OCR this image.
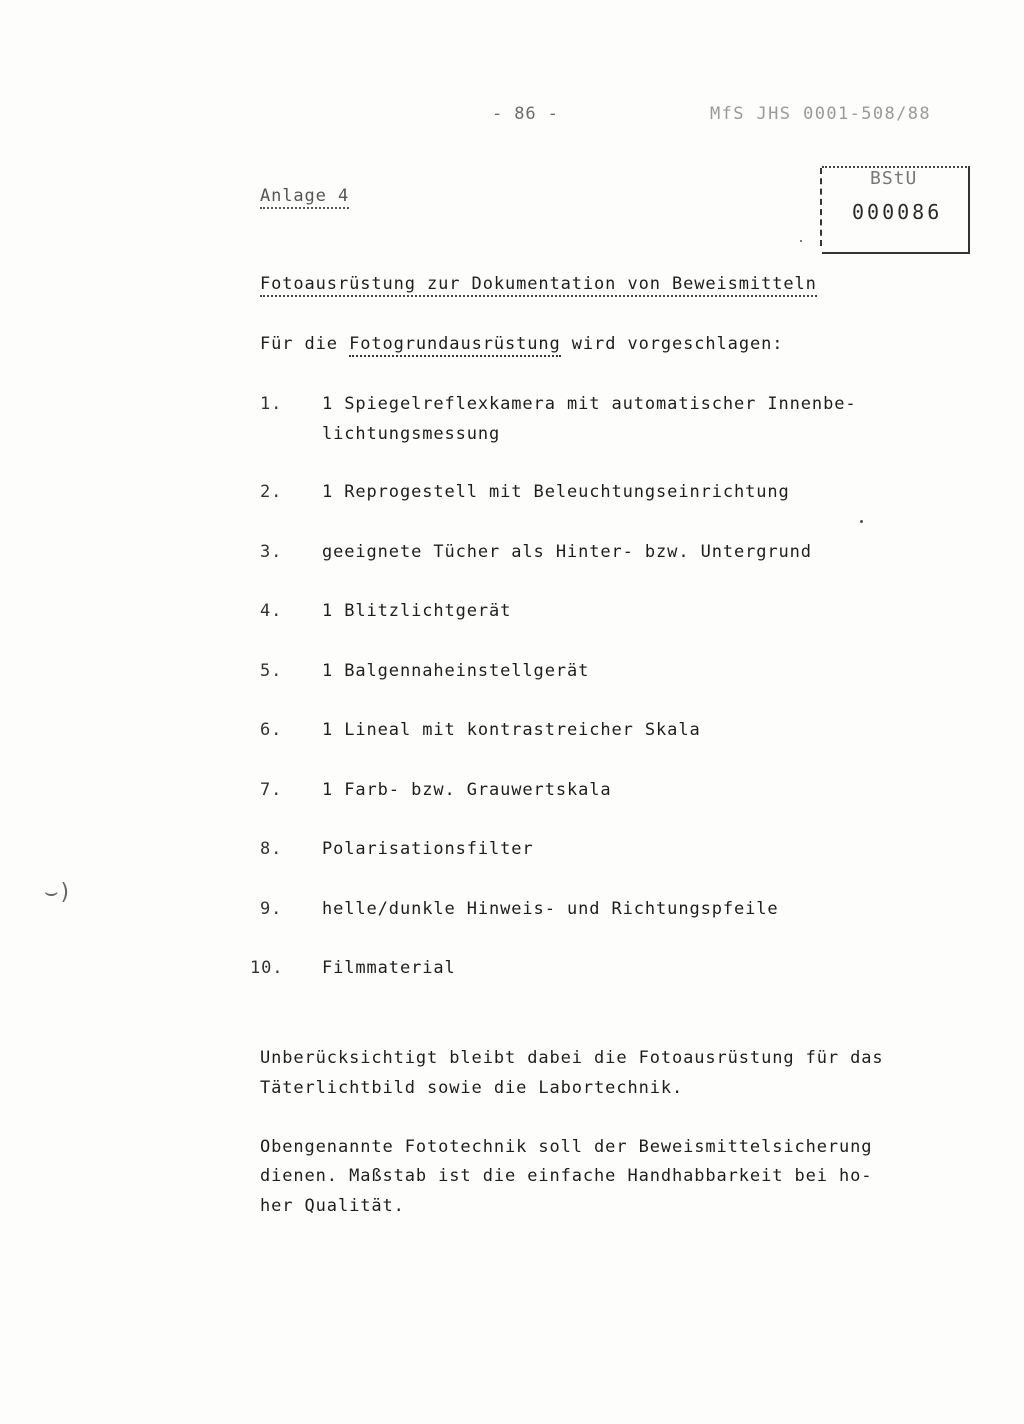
- 86 -	MfS JHS 0001-508/88
BStU
000086
Anlage 4
Fotoausrüstung zur Dokumentation von Beweismitteln
Für die Fotogrundausrüstung wird vorgeschlagen:
1. 1 Spiegelreflexkamera mit automatischer Innenbe-
lichtungsmessung
2. 1 Reprogestell mit Beleuchtungseinrichtung
3. geeignete Tücher als Hinter- bzw. Untergrund
4. 1 Blitzlichtgerät
5. 1 Balgennaheinstellgerät
6. 1 Lineal mit kontrastreicher Skala
7. 1 Farb- bzw. Grauwertskala
8. Polarisationsfilter
9. helle/dunkle Hinweis- und Richtungspfeile
10. Filmmaterial
Unberücksichtigt bleibt dabei die Fotoausrüstung für das
Täterlichtbild sowie die Labortechnik.
Obengenannte Fototechnik soll der Beweismittelsicherung
dienen. Maßstab ist die einfache Handhabbarkeit bei ho-
her Qualität.
⌣)
